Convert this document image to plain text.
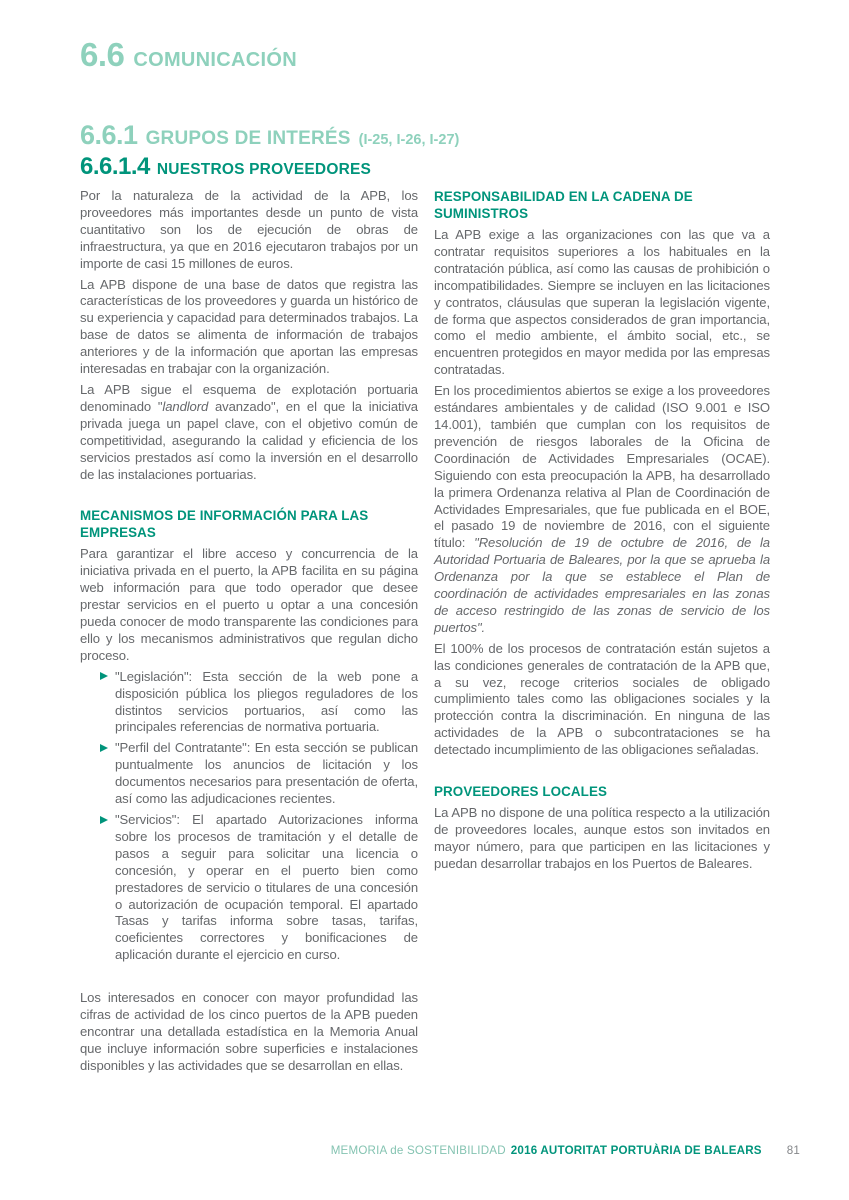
6.6 COMUNICACIÓN
6.6.1 GRUPOS DE INTERÉS (I-25, I-26, I-27)
6.6.1.4 NUESTROS PROVEEDORES

Por la naturaleza de la actividad de la APB, los proveedores más importantes desde un punto de vista cuantitativo son los de ejecución de obras de infraestructura, ya que en 2016 ejecutaron trabajos por un importe de casi 15 millones de euros.

La APB dispone de una base de datos que registra las características de los proveedores y guarda un histórico de su experiencia y capacidad para determinados trabajos. La base de datos se alimenta de información de trabajos anteriores y de la información que aportan las empresas interesadas en trabajar con la organización.

La APB sigue el esquema de explotación portuaria denominado "landlord avanzado", en el que la iniciativa privada juega un papel clave, con el objetivo común de competitividad, asegurando la calidad y eficiencia de los servicios prestados así como la inversión en el desarrollo de las instalaciones portuarias.

MECANISMOS DE INFORMACIÓN PARA LAS EMPRESAS

Para garantizar el libre acceso y concurrencia de la iniciativa privada en el puerto, la APB facilita en su página web información para que todo operador que desee prestar servicios en el puerto u optar a una concesión pueda conocer de modo transparente las condiciones para ello y los mecanismos administrativos que regulan dicho proceso.

"Legislación": Esta sección de la web pone a disposición pública los pliegos reguladores de los distintos servicios portuarios, así como las principales referencias de normativa portuaria.
"Perfil del Contratante": En esta sección se publican puntualmente los anuncios de licitación y los documentos necesarios para presentación de oferta, así como las adjudicaciones recientes.
"Servicios": El apartado Autorizaciones informa sobre los procesos de tramitación y el detalle de pasos a seguir para solicitar una licencia o concesión, y operar en el puerto bien como prestadores de servicio o titulares de una concesión o autorización de ocupación temporal. El apartado Tasas y tarifas informa sobre tasas, tarifas, coeficientes correctores y bonificaciones de aplicación durante el ejercicio en curso.

Los interesados en conocer con mayor profundidad las cifras de actividad de los cinco puertos de la APB pueden encontrar una detallada estadística en la Memoria Anual que incluye información sobre superficies e instalaciones disponibles y las actividades que se desarrollan en ellas.

RESPONSABILIDAD EN LA CADENA DE SUMINISTROS

La APB exige a las organizaciones con las que va a contratar requisitos superiores a los habituales en la contratación pública, así como las causas de prohibición o incompatibilidades. Siempre se incluyen en las licitaciones y contratos, cláusulas que superan la legislación vigente, de forma que aspectos considerados de gran importancia, como el medio ambiente, el ámbito social, etc., se encuentren protegidos en mayor medida por las empresas contratadas.

En los procedimientos abiertos se exige a los proveedores estándares ambientales y de calidad (ISO 9.001 e ISO 14.001), también que cumplan con los requisitos de prevención de riesgos laborales de la Oficina de Coordinación de Actividades Empresariales (OCAE). Siguiendo con esta preocupación la APB, ha desarrollado la primera Ordenanza relativa al Plan de Coordinación de Actividades Empresariales, que fue publicada en el BOE, el pasado 19 de noviembre de 2016, con el siguiente título: "Resolución de 19 de octubre de 2016, de la Autoridad Portuaria de Baleares, por la que se aprueba la Ordenanza por la que se establece el Plan de coordinación de actividades empresariales en las zonas de acceso restringido de las zonas de servicio de los puertos".

El 100% de los procesos de contratación están sujetos a las condiciones generales de contratación de la APB que, a su vez, recoge criterios sociales de obligado cumplimiento tales como las obligaciones sociales y la protección contra la discriminación. En ninguna de las actividades de la APB o subcontrataciones se ha detectado incumplimiento de las obligaciones señaladas.

PROVEEDORES LOCALES

La APB no dispone de una política respecto a la utilización de proveedores locales, aunque estos son invitados en mayor número, para que participen en las licitaciones y puedan desarrollar trabajos en los Puertos de Baleares.

MEMORIA de SOSTENIBILIDAD 2016 AUTORITAT PORTUÀRIA DE BALEARS 81
